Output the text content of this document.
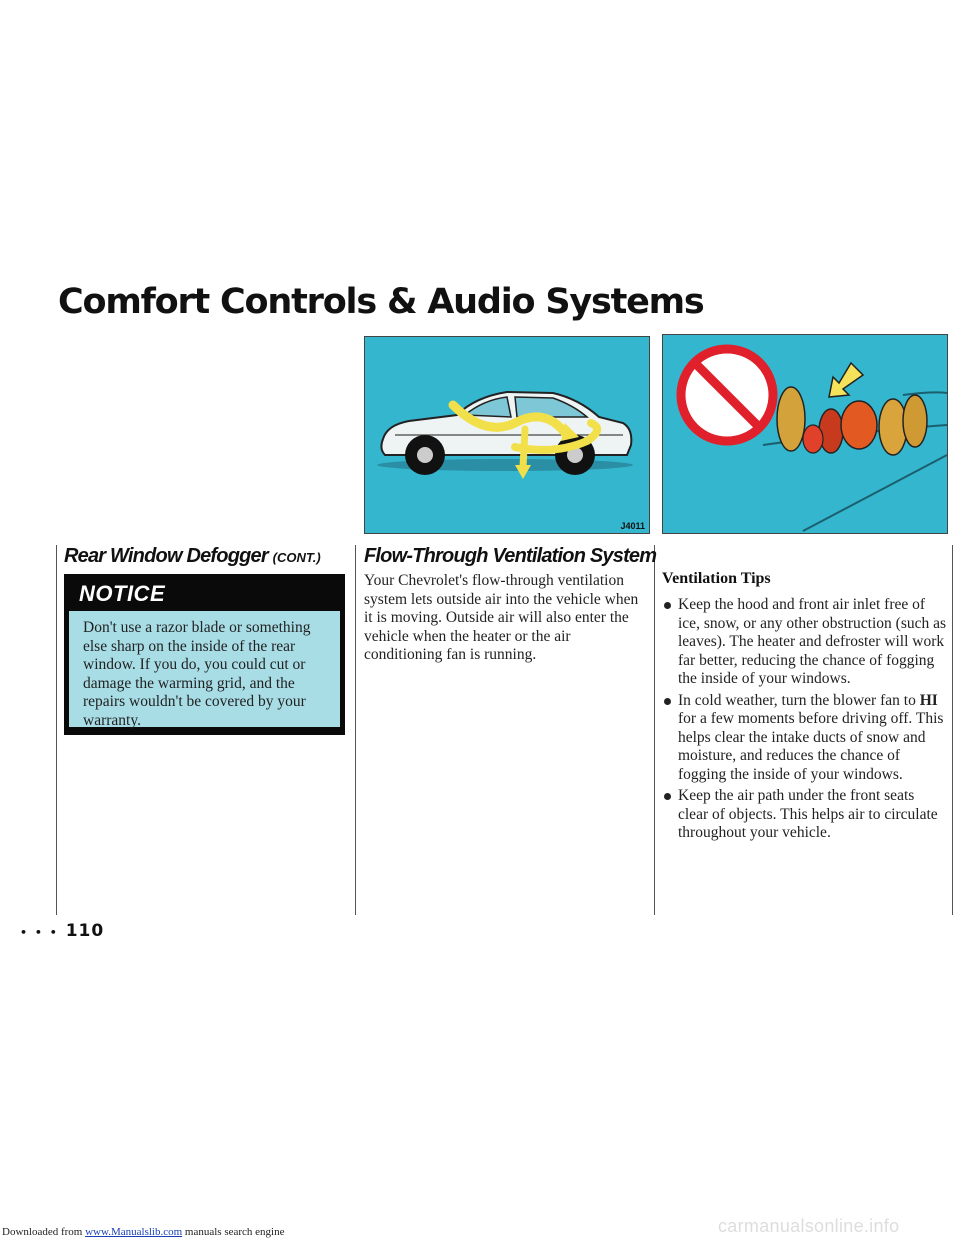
Comfort Controls & Audio Systems
J4011
Rear Window Defogger (CONT.)
NOTICE
Don't use a razor blade or something else sharp on the inside of the rear window. If you do, you could cut or damage the warming grid, and the repairs wouldn't be covered by your warranty.
Flow-Through Ventilation System

Your Chevrolet's flow-through ventilation system lets outside air into the vehicle when it is moving. Outside air will also enter the vehicle when the heater or the air conditioning fan is running.

Ventilation Tips

Keep the hood and front air inlet free of ice, snow, or any other obstruction (such as leaves). The heater and defroster will work far better, reducing the chance of fogging the inside of your windows.
In cold weather, turn the blower fan to HI for a few moments before driving off. This helps clear the intake ducts of snow and moisture, and reduces the chance of fogging the inside of your windows.
Keep the air path under the front seats clear of objects. This helps air to circulate throughout your vehicle.
• • • 110
Downloaded from www.Manualslib.com manuals search engine	carmanualsonline.info
